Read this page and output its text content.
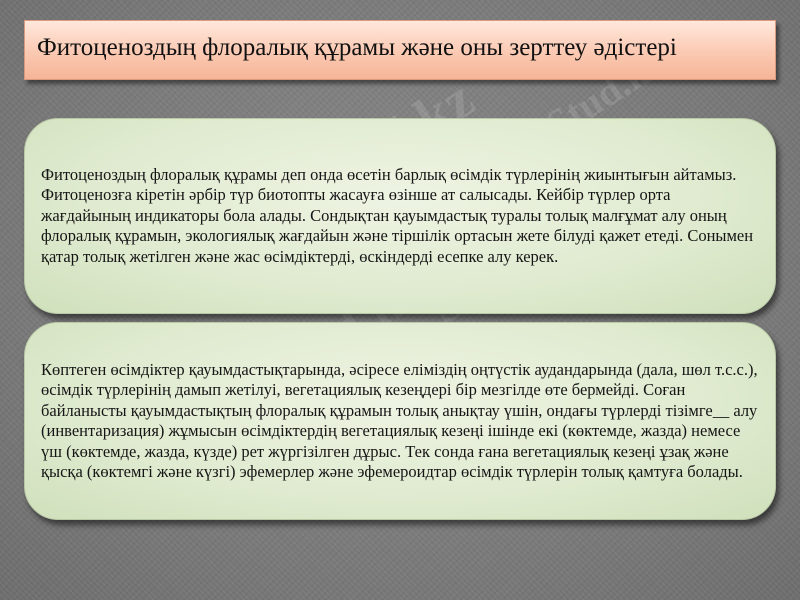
Stud.kz
Фитоценоздың флоралық құрамы және оны зерттеу әдістері

Фитоценоздың флоралық құрамы деп онда өсетін барлық өсімдік түрлерінің жиынтығын айтамыз. Фитоценозға кіретін әрбір түр биотопты жасауға өзінше ат салысады. Кейбір түрлер орта жағдайының индикаторы бола алады. Сондықтан қауымдастық туралы толық малғұмат алу оның флоралық құрамын, экологиялық жағдайын және тіршілік ортасын жете білуді қажет етеді. Сонымен қатар толық жетілген және жас өсімдіктерді, өскіндерді есепке алу керек.

Көптеген өсімдіктер қауымдастықтарында, әсіресе еліміздің оңтүстік аудандарында (дала, шөл т.с.с.), өсімдік түрлерінің дамып жетілуі, вегетациялық кезеңдері бір мезгілде өте бермейді. Соған байланысты қауымдастықтың флоралық құрамын толық анықтау үшін, ондағы түрлерді тізімге__ алу (инвентаризация) жұмысын өсімдіктердің вегетациялық кезеңі ішінде екі (көктемде, жазда) немесе үш (көктемде, жазда, күзде) рет жүргізілген дұрыс. Тек сонда ғана вегетациялық кезеңі ұзақ және қысқа (көктемгі және күзгі) эфемерлер және эфемероидтар өсімдік түрлерін толық қамтуға болады.
